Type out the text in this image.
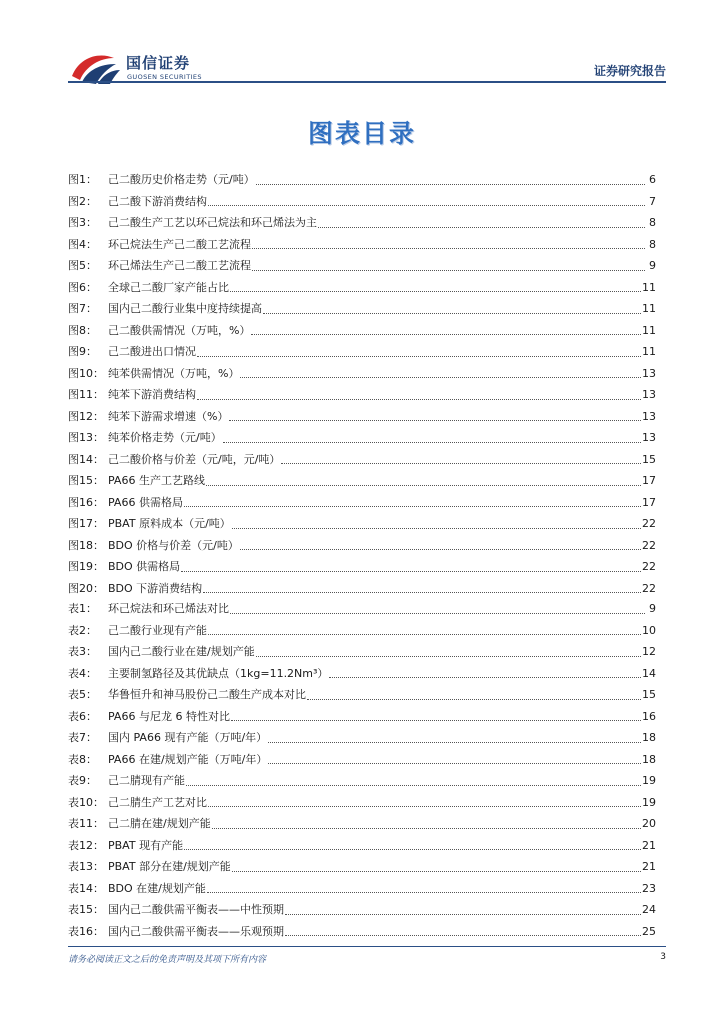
国信证券
GUOSEN SECURITIES	证券研究报告
图表目录
图1：	己二酸历史价格走势（元/吨）	6
图2：	己二酸下游消费结构	7
图3：	己二酸生产工艺以环己烷法和环己烯法为主	8
图4：	环己烷法生产己二酸工艺流程	8
图5：	环己烯法生产己二酸工艺流程	9
图6：	全球己二酸厂家产能占比	11
图7：	国内己二酸行业集中度持续提高	11
图8：	己二酸供需情况（万吨，%）	11
图9：	己二酸进出口情况	11
图10： 纯苯供需情况（万吨，%）	13
图11： 纯苯下游消费结构	13
图12： 纯苯下游需求增速（%）	13
图13： 纯苯价格走势（元/吨）	13
图14： 己二酸价格与价差（元/吨，元/吨）	15
图15： PA66 生产工艺路线	17
图16： PA66 供需格局	17
图17： PBAT 原料成本（元/吨）	22
图18： BDO 价格与价差（元/吨）	22
图19： BDO 供需格局	22
图20： BDO 下游消费结构	22
表1：	环己烷法和环己烯法对比	9
表2：	己二酸行业现有产能	10
表3：	国内己二酸行业在建/规划产能	12
表4：	主要制氢路径及其优缺点（1kg=11.2Nm³）	14
表5：	华鲁恒升和神马股份己二酸生产成本对比	15
表6：	PA66 与尼龙 6 特性对比	16
表7：	国内 PA66 现有产能（万吨/年）	18
表8：	PA66 在建/规划产能（万吨/年）	18
表9：	己二腈现有产能	19
表10： 己二腈生产工艺对比	19
表11： 己二腈在建/规划产能	20
表12： PBAT 现有产能	21
表13： PBAT 部分在建/规划产能	21
表14： BDO 在建/规划产能	23
表15： 国内己二酸供需平衡表——中性预期	24
表16： 国内己二酸供需平衡表——乐观预期	25
请务必阅读正文之后的免责声明及其项下所有内容	3
